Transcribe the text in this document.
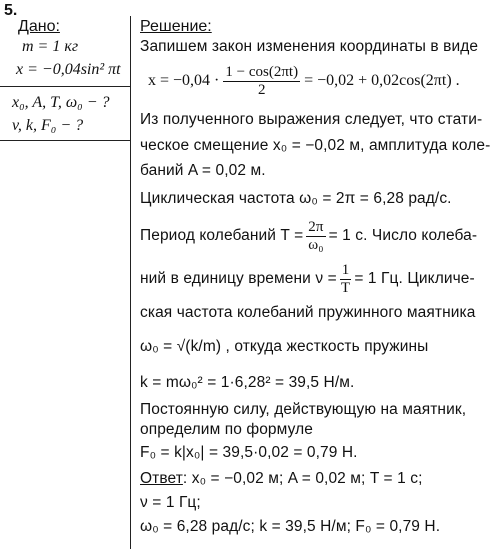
5.
Дано:
m = 1 кг
x = −0,04sin² πt
x₀, A, T, ω₀ − ?
v, k, F₀ − ?
Решение:
Запишем закон изменения координаты в виде
$x = -0,04 \cdot \frac{1 - \cos(2\pi t)}{2} = -0,02 + 0,02\cos(2\pi t)$ .
Из полученного выражения следует, что стати-
ческое смещение x₀ = −0,02 м, амплитуда коле-
баний A = 0,02 м.
Циклическая частота ω₀ = 2π = 6,28 рад/с.
Период колебаний $T = \frac{2\pi}{\text{ω₀}} = 1$ с. Число колеба-
ний в единицу времени $\nu = \frac{1}{T} = 1$ Гц. Цикличе-
ская частота колебаний пружинного маятника
ω₀ = √(k/m) , откуда жесткость пружины
k = mω₀² = 1·6,28² = 39,5 Н/м.
Постоянную силу, действующую на маятник,
определим по формуле
F₀ = k|x₀| = 39,5·0,02 = 0,79 Н.
Ответ: x₀ = −0,02 м; A = 0,02 м; T = 1 с;
ν = 1 Гц;
ω₀ = 6,28 рад/с; k = 39,5 Н/м; F₀ = 0,79 Н.
